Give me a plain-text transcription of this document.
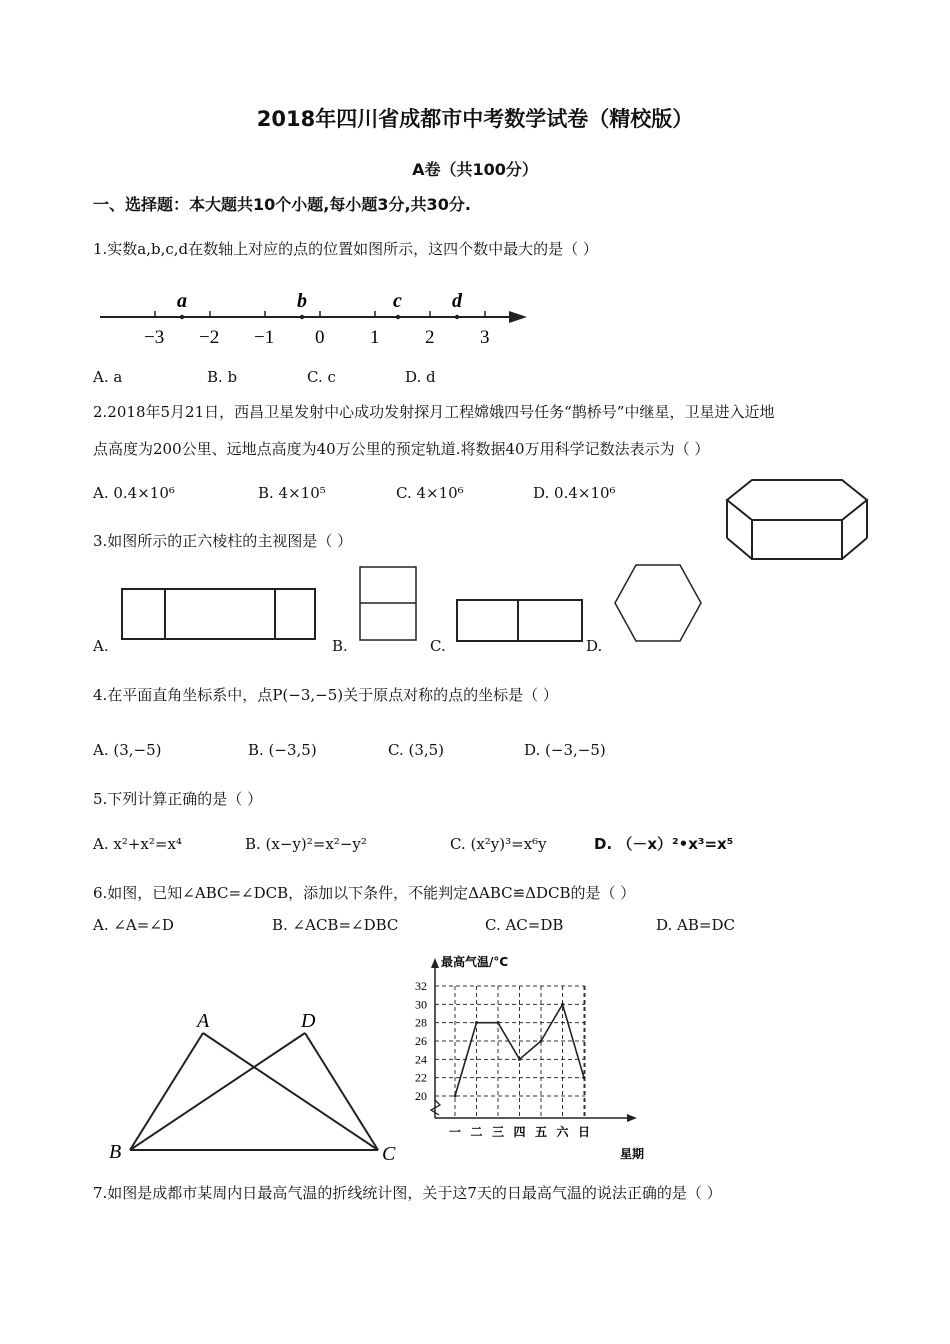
2018年四川省成都市中考数学试卷（精校版）
A卷（共100分）
一、选择题：本大题共10个小题,每小题3分,共30分.
1.实数a,b,c,d在数轴上对应的点的位置如图所示，这四个数中最大的是（ ）
−3 −2 −1 0 1 2 3
a	b	c	d
A. a	B. b	C. c	D. d
2.2018年5月21日，西昌卫星发射中心成功发射探月工程嫦娥四号任务“鹊桥号”中继星，卫星进入近地
点高度为200公里、远地点高度为40万公里的预定轨道.将数据40万用科学记数法表示为（ ）
A. 0.4×10⁶	B. 4×10⁵	C. 4×10⁶	D. 0.4×10⁶
3.如图所示的正六棱柱的主视图是（ ）
A.	B.	C.	D.
4.在平面直角坐标系中，点P(−3,−5)关于原点对称的点的坐标是（ ）
A. (3,−5)	B. (−3,5)	C. (3,5)	D. (−3,−5)
5.下列计算正确的是（ ）
A. x²+x²=x⁴	B. (x−y)²=x²−y²	C. (x²y)³=x⁶y	D. （－x）²•x³=x⁵
6.如图，已知∠ABC=∠DCB，添加以下条件，不能判定ΔABC≌ΔDCB的是（ ）
A. ∠A=∠D	B. ∠ACB=∠DBC	C. AC=DB	D. AB=DC
A	D
B	C
最高气温/°C
星期
20
22
24
26
28
30
32
一 二 三 四 五 六 日
7.如图是成都市某周内日最高气温的折线统计图，关于这7天的日最高气温的说法正确的是（ ）
